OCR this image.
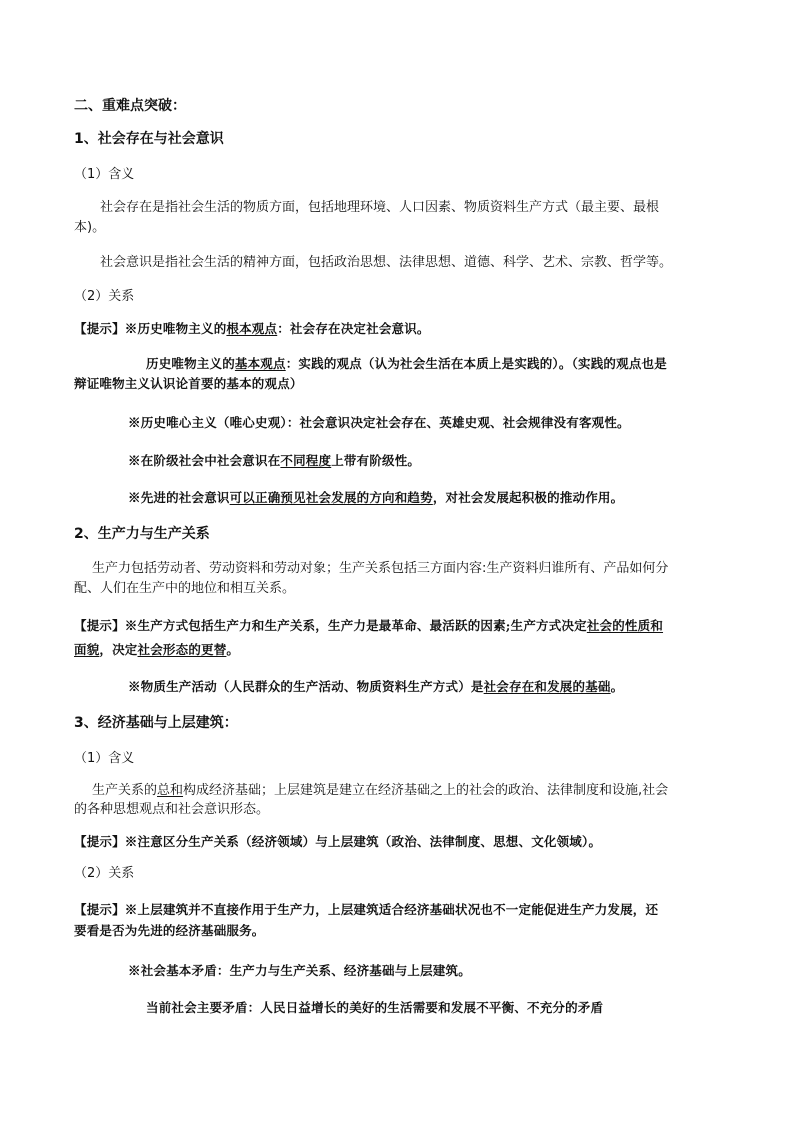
二、重难点突破：
1、社会存在与社会意识
（1）含义
社会存在是指社会生活的物质方面，包括地理环境、人口因素、物质资料生产方式（最主要、最根
本)。
社会意识是指社会生活的精神方面，包括政治思想、法律思想、道德、科学、艺术、宗教、哲学等。
（2）关系
【提示】※历史唯物主义的根本观点：社会存在决定社会意识。
历史唯物主义的基本观点：实践的观点（认为社会生活在本质上是实践的）。（实践的观点也是
辩证唯物主义认识论首要的基本的观点）
※历史唯心主义（唯心史观）：社会意识决定社会存在、英雄史观、社会规律没有客观性。
※在阶级社会中社会意识在不同程度上带有阶级性。
※先进的社会意识可以正确预见社会发展的方向和趋势，对社会发展起积极的推动作用。
2、生产力与生产关系
生产力包括劳动者、劳动资料和劳动对象；生产关系包括三方面内容:生产资料归谁所有、产品如何分
配、人们在生产中的地位和相互关系。
【提示】※生产方式包括生产力和生产关系，生产力是最革命、最活跃的因素;生产方式决定社会的性质和
面貌，决定社会形态的更替。
※物质生产活动（人民群众的生产活动、物质资料生产方式）是社会存在和发展的基础。
3、经济基础与上层建筑：
（1）含义
生产关系的总和构成经济基础；上层建筑是建立在经济基础之上的社会的政治、法律制度和设施,社会
的各种思想观点和社会意识形态。
【提示】※注意区分生产关系（经济领域）与上层建筑（政治、法律制度、思想、文化领域）。
（2）关系
【提示】※上层建筑并不直接作用于生产力，上层建筑适合经济基础状况也不一定能促进生产力发展，还
要看是否为先进的经济基础服务。
※社会基本矛盾：生产力与生产关系、经济基础与上层建筑。
当前社会主要矛盾：人民日益增长的美好的生活需要和发展不平衡、不充分的矛盾
